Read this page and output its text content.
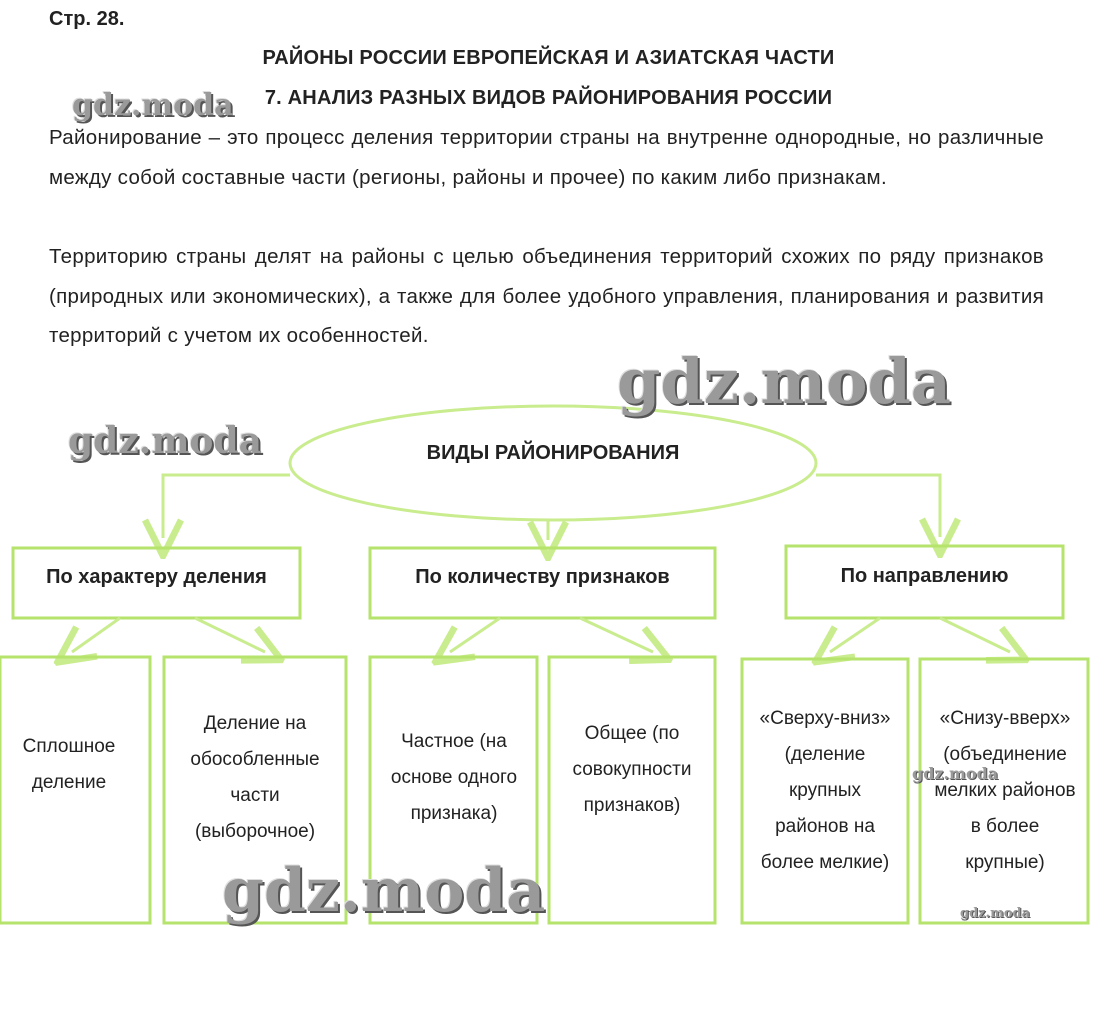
Стр. 28.
РАЙОНЫ РОССИИ ЕВРОПЕЙСКАЯ И АЗИАТСКАЯ ЧАСТИ
7. АНАЛИЗ РАЗНЫХ ВИДОВ РАЙОНИРОВАНИЯ РОССИИ
Районирование – это процесс деления территории страны на внутренне однородные, но различные между собой составные части (регионы, районы и прочее) по каким либо признакам.
Территорию страны делят на районы с целью объединения территорий схожих по ряду признаков (природных или экономических), а также для более удобного управления, планирования и развития территорий с учетом их особенностей.
ВИДЫ РАЙОНИРОВАНИЯ
По характеру деления	По количеству признаков	По направлению
Сплошное деление
Деление на обособленные части (выборочное)
Частное (на основе одного признака)
Общее (по совокупности признаков)
«Сверху-вниз» (деление крупных районов на более мелкие)
«Снизу-вверх» (объединение мелких районов в более крупные)
gdz.moda
gdz.moda
gdz.moda
gdz.moda
gdz.moda
gdz.moda
